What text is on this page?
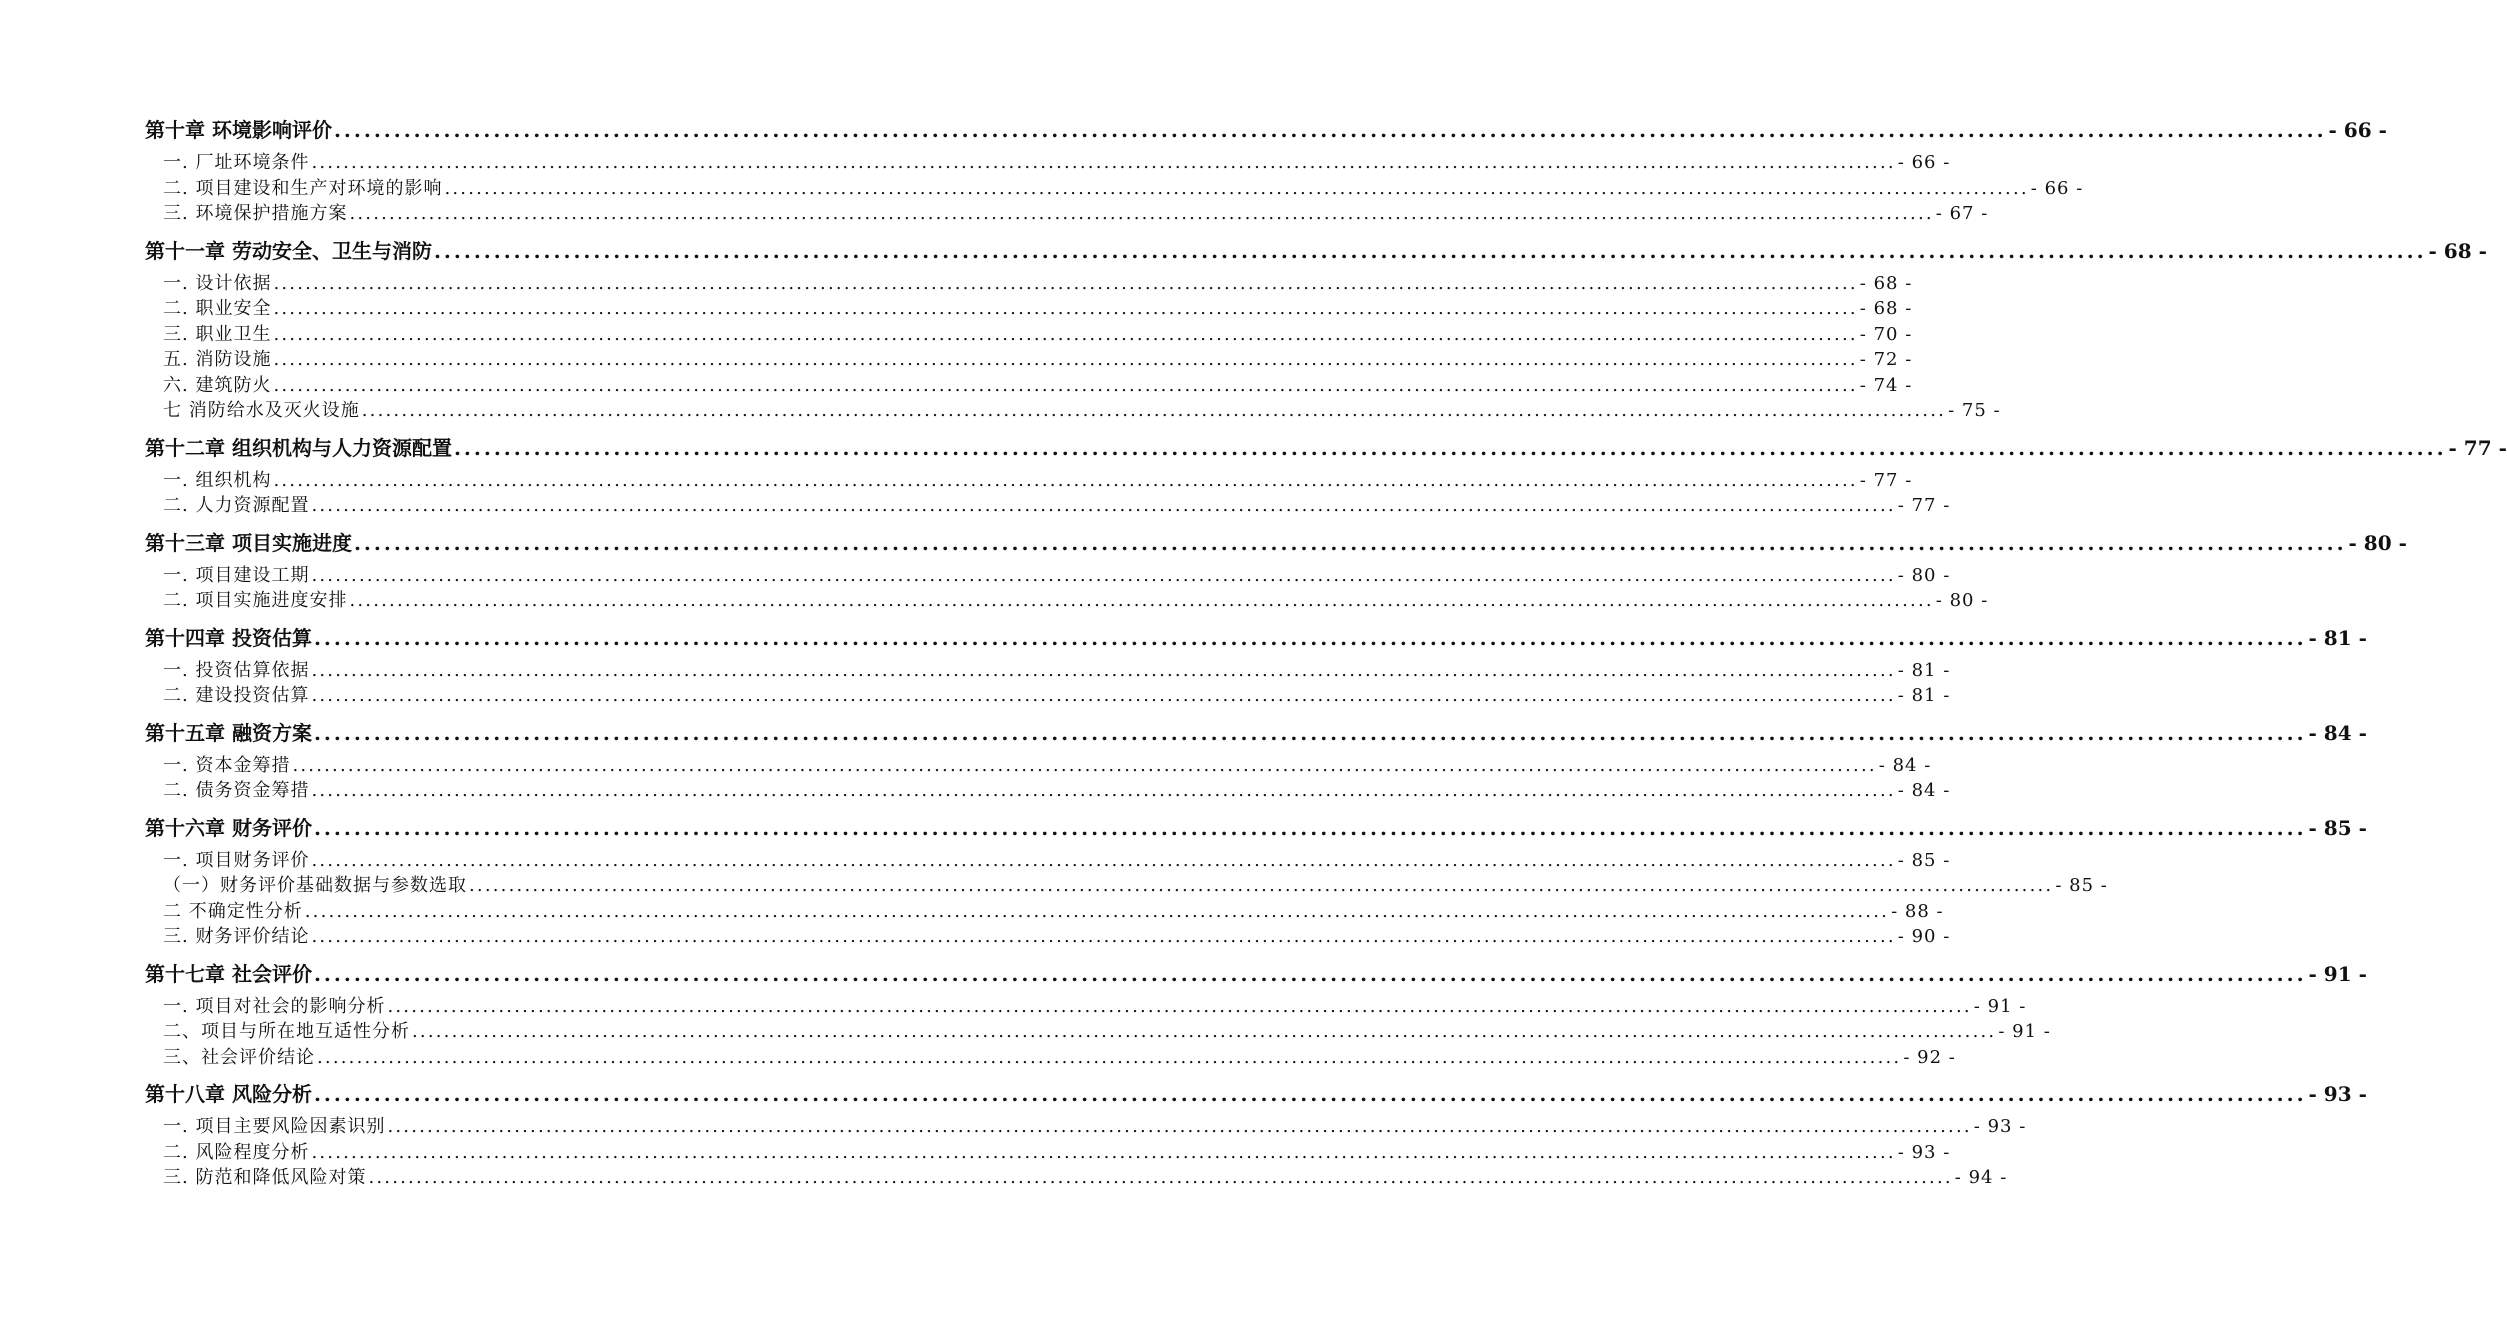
第十章 环境影响评价 ........................................................................................................................................................................................................ - 66 -
一. 厂址环境条件 ........................................................................................................................................................................................................ - 66 -
二. 项目建设和生产对环境的影响 ........................................................................................................................................................................................................ - 66 -
三. 环境保护措施方案 ........................................................................................................................................................................................................ - 67 -
第十一章 劳动安全、卫生与消防 ........................................................................................................................................................................................................ - 68 -
一. 设计依据 ........................................................................................................................................................................................................ - 68 -
二. 职业安全 ........................................................................................................................................................................................................ - 68 -
三. 职业卫生 ........................................................................................................................................................................................................ - 70 -
五. 消防设施 ........................................................................................................................................................................................................ - 72 -
六. 建筑防火 ........................................................................................................................................................................................................ - 74 -
七 消防给水及灭火设施 ........................................................................................................................................................................................................ - 75 -
第十二章 组织机构与人力资源配置 ........................................................................................................................................................................................................ - 77 -
一. 组织机构 ........................................................................................................................................................................................................ - 77 -
二. 人力资源配置 ........................................................................................................................................................................................................ - 77 -
第十三章 项目实施进度 ........................................................................................................................................................................................................ - 80 -
一. 项目建设工期 ........................................................................................................................................................................................................ - 80 -
二. 项目实施进度安排 ........................................................................................................................................................................................................ - 80 -
第十四章 投资估算 ........................................................................................................................................................................................................ - 81 -
一. 投资估算依据 ........................................................................................................................................................................................................ - 81 -
二. 建设投资估算 ........................................................................................................................................................................................................ - 81 -
第十五章 融资方案 ........................................................................................................................................................................................................ - 84 -
一. 资本金筹措 ........................................................................................................................................................................................................ - 84 -
二. 债务资金筹措 ........................................................................................................................................................................................................ - 84 -
第十六章 财务评价 ........................................................................................................................................................................................................ - 85 -
一. 项目财务评价 ........................................................................................................................................................................................................ - 85 -
（一）财务评价基础数据与参数选取 ........................................................................................................................................................................................................ - 85 -
二 不确定性分析 ........................................................................................................................................................................................................ - 88 -
三. 财务评价结论 ........................................................................................................................................................................................................ - 90 -
第十七章 社会评价 ........................................................................................................................................................................................................ - 91 -
一. 项目对社会的影响分析 ........................................................................................................................................................................................................ - 91 -
二、项目与所在地互适性分析 ........................................................................................................................................................................................................ - 91 -
三、社会评价结论 ........................................................................................................................................................................................................ - 92 -
第十八章 风险分析 ........................................................................................................................................................................................................ - 93 -
一. 项目主要风险因素识别 ........................................................................................................................................................................................................ - 93 -
二. 风险程度分析 ........................................................................................................................................................................................................ - 93 -
三. 防范和降低风险对策 ........................................................................................................................................................................................................ - 94 -
